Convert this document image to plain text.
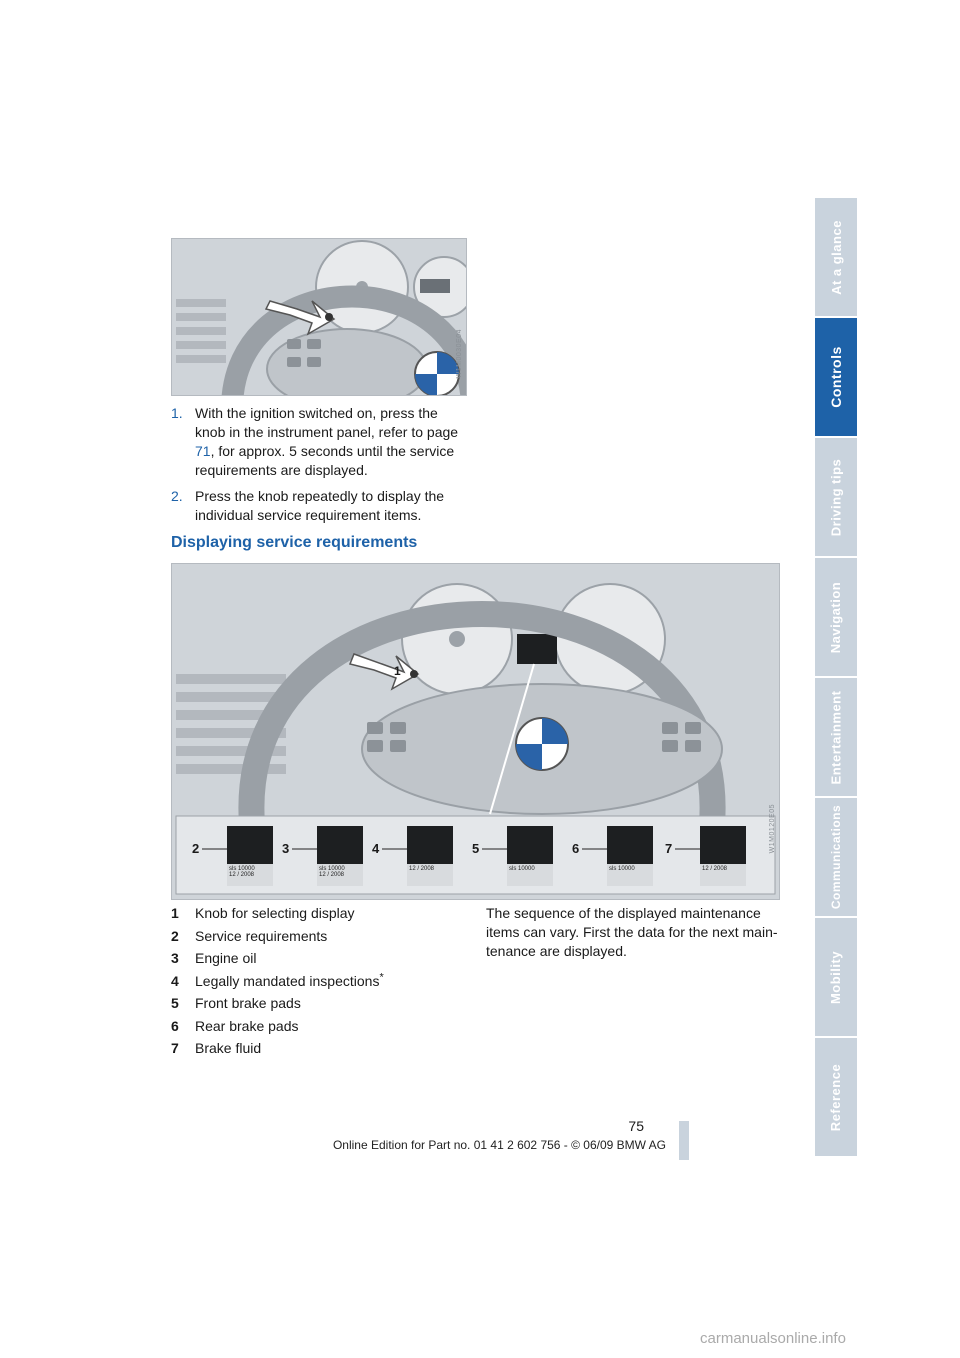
At a glance
Controls
Driving tips
Navigation
Entertainment
Communications
Mobility
Reference
W1M0030E04
1. With the ignition switched on, press the knob in the instrument panel, refer to page 71, for approx. 5 seconds until the service requirements are displayed.
2. Press the knob repeatedly to display the individual service requirement items.
Displaying service requirements
1
2
sls 10000
12 / 2008
3
sls 10000
12 / 2008
4
12 / 2008
5
sls 10000
6
sls 10000
7
12 / 2008
W1M0120E05
1	Knob for selecting display
2	Service requirements
3	Engine oil
4	Legally mandated inspections*
5	Front brake pads
6	Rear brake pads
7	Brake fluid
The sequence of the displayed maintenance items can vary. First the data for the next main-tenance are displayed.
75
Online Edition for Part no. 01 41 2 602 756 - © 06/09 BMW AG
carmanualsonline.info
